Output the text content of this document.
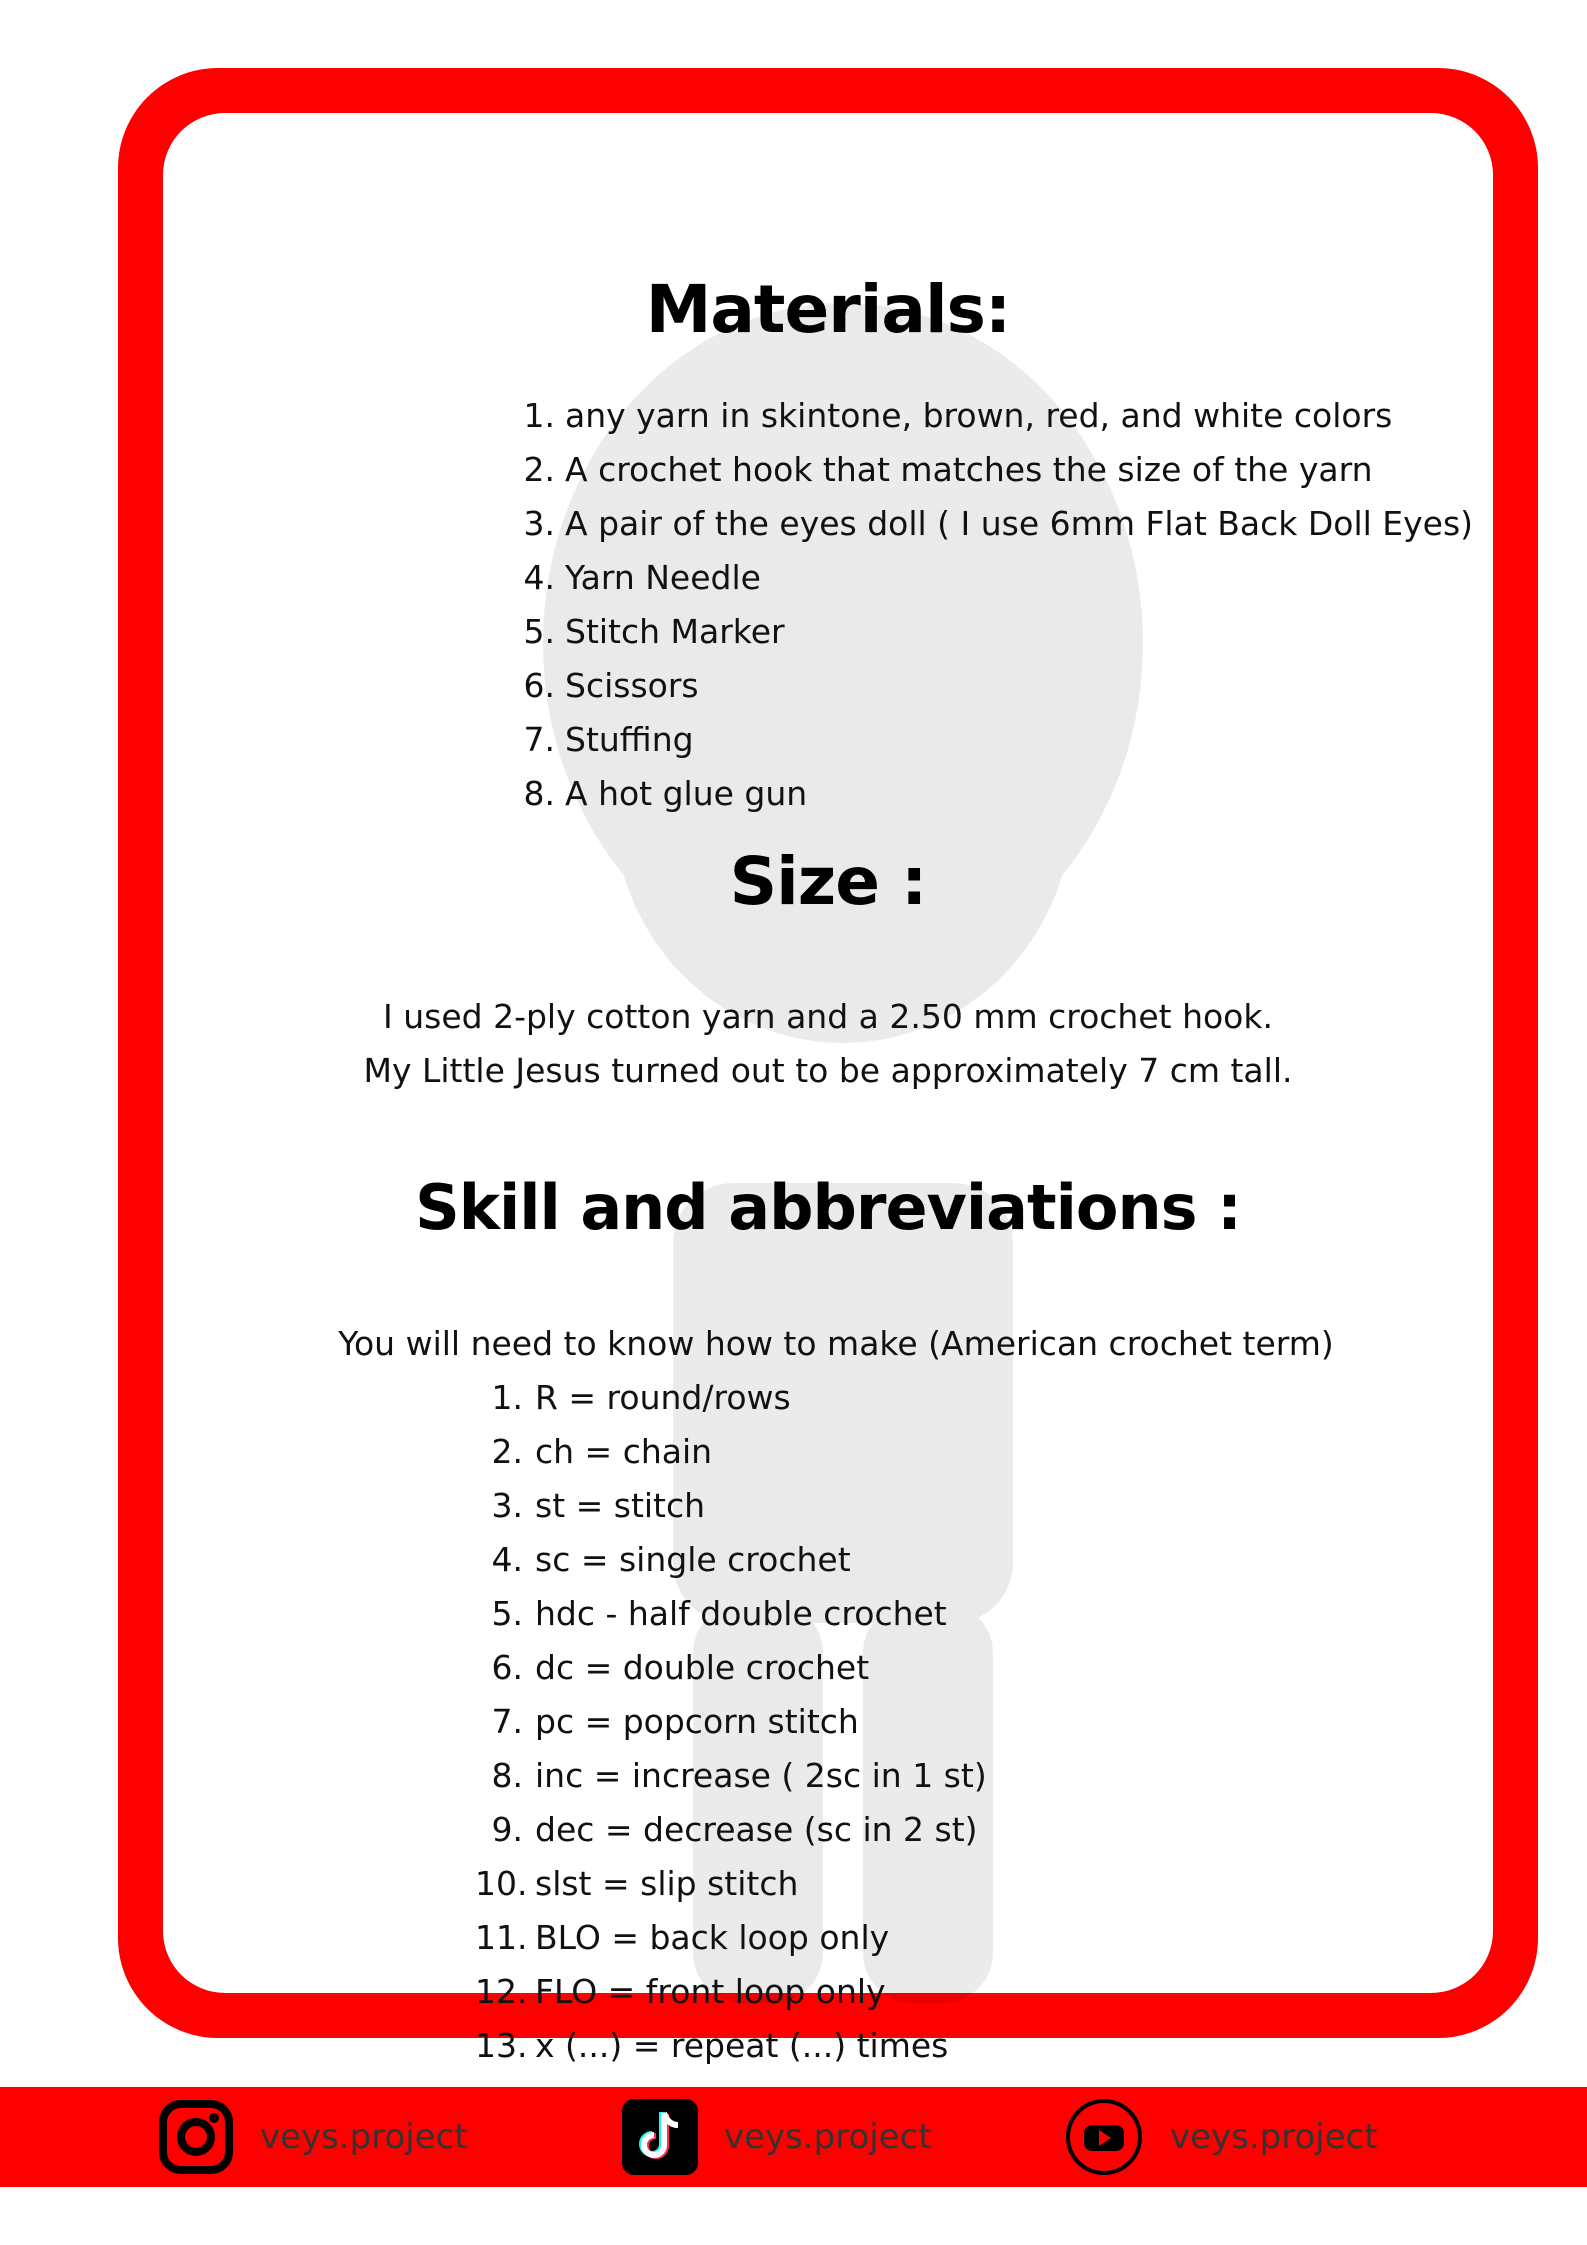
Materials:
1. any yarn in skintone, brown, red, and white colors
2. A crochet hook that matches the size of the yarn
3. A pair of the eyes doll ( I use 6mm Flat Back Doll Eyes)
4. Yarn Needle
5. Stitch Marker
6. Scissors
7. Stuffing
8. A hot glue gun
Size :
I used 2-ply cotton yarn and a 2.50 mm crochet hook.
My Little Jesus turned out to be approximately 7 cm tall.
Skill and abbreviations :
You will need to know how to make (American crochet term)
1. R = round/rows
2. ch = chain
3. st = stitch
4. sc = single crochet
5. hdc - half double crochet
6. dc = double crochet
7. pc = popcorn stitch
8. inc = increase ( 2sc in 1 st)
9. dec = decrease (sc in 2 st)
10. slst = slip stitch
11. BLO = back loop only
12. FLO = front loop only
13. x (...) = repeat (...) times
veys.project	veys.project	veys.project
